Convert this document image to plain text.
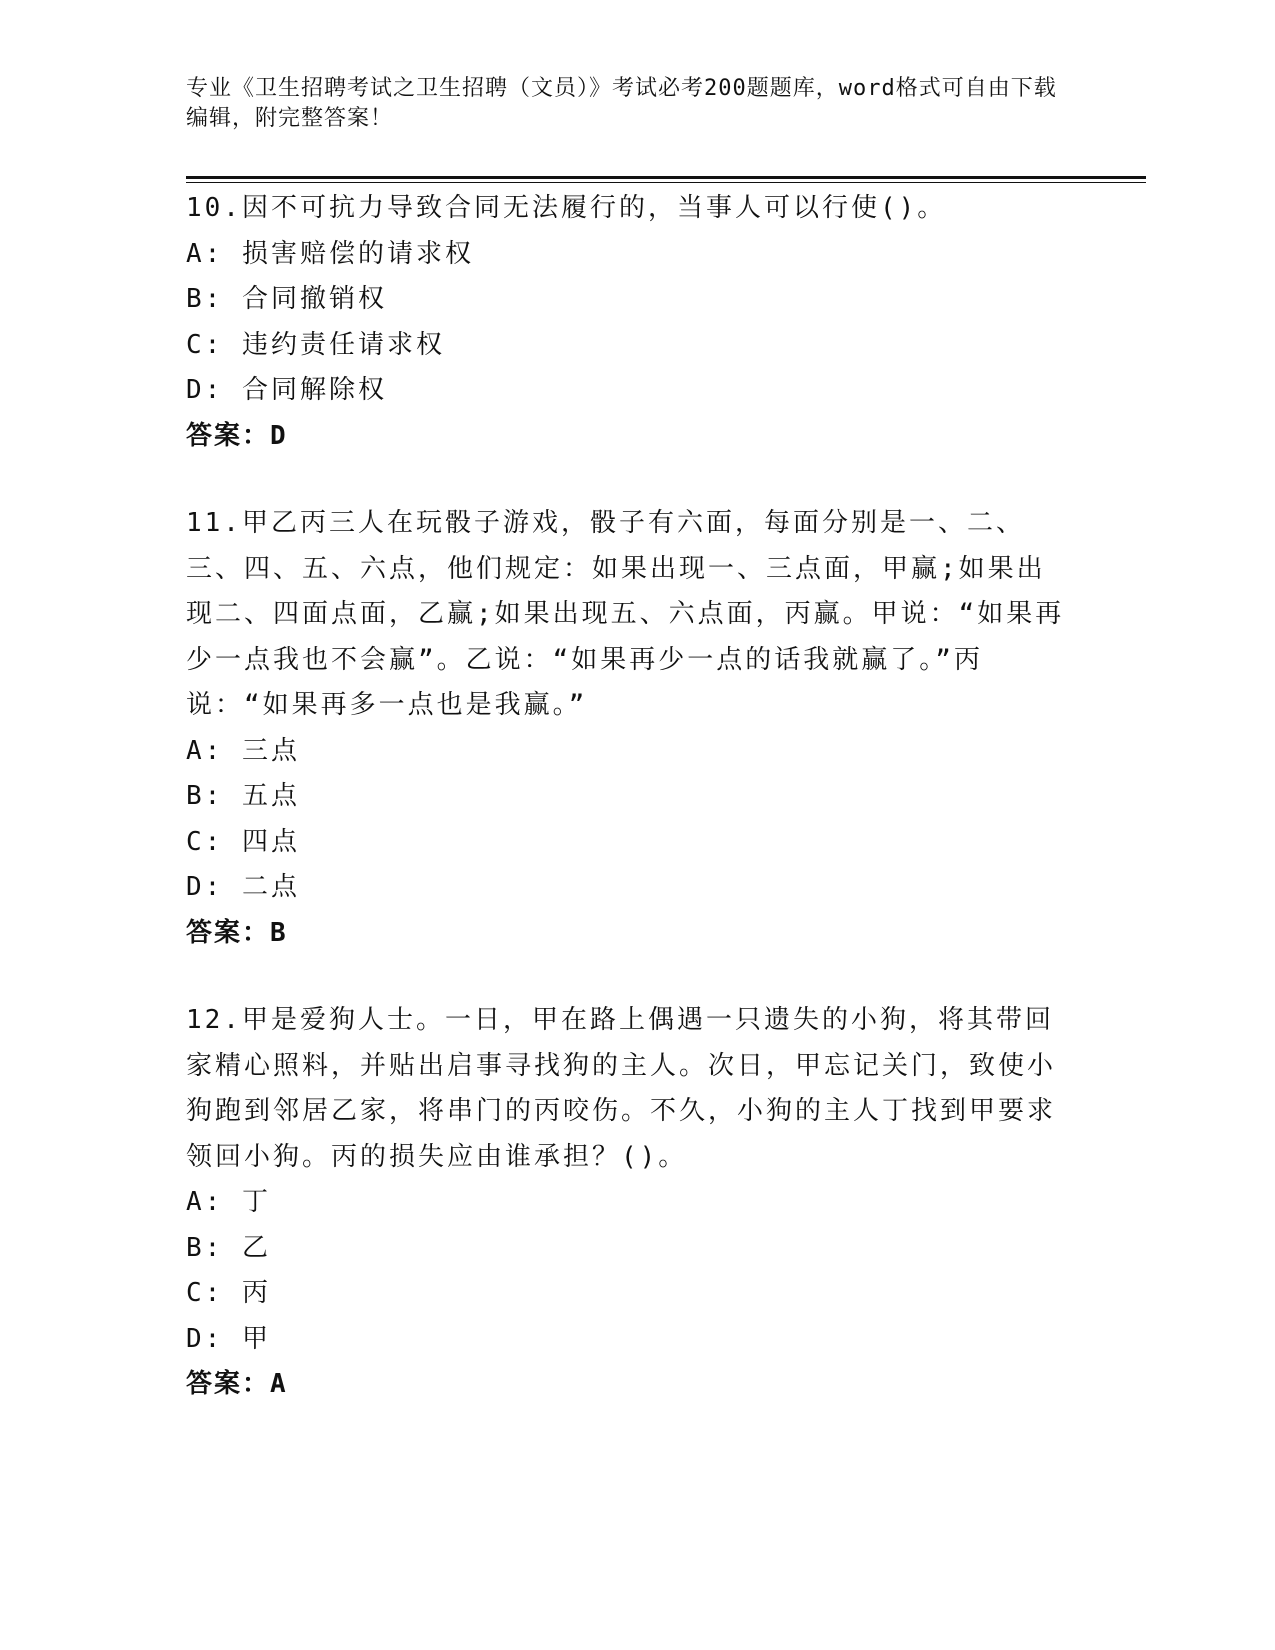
专业《卫生招聘考试之卫生招聘（文员）》考试必考200题题库，word格式可自由下载编辑，附完整答案！
10.因不可抗力导致合同无法履行的，当事人可以行使()。
A: 损害赔偿的请求权
B: 合同撤销权
C: 违约责任请求权
D: 合同解除权
答案：D
11.甲乙丙三人在玩骰子游戏，骰子有六面，每面分别是一、二、三、四、五、六点，他们规定：如果出现一、三点面，甲赢;如果出现二、四面点面，乙赢;如果出现五、六点面，丙赢。甲说：“如果再少一点我也不会赢”。乙说：“如果再少一点的话我就赢了。”丙说：“如果再多一点也是我赢。”
A: 三点
B: 五点
C: 四点
D: 二点
答案：B
12.甲是爱狗人士。一日，甲在路上偶遇一只遗失的小狗，将其带回家精心照料，并贴出启事寻找狗的主人。次日，甲忘记关门，致使小狗跑到邻居乙家，将串门的丙咬伤。不久，小狗的主人丁找到甲要求领回小狗。丙的损失应由谁承担？()。
A: 丁
B: 乙
C: 丙
D: 甲
答案：A
